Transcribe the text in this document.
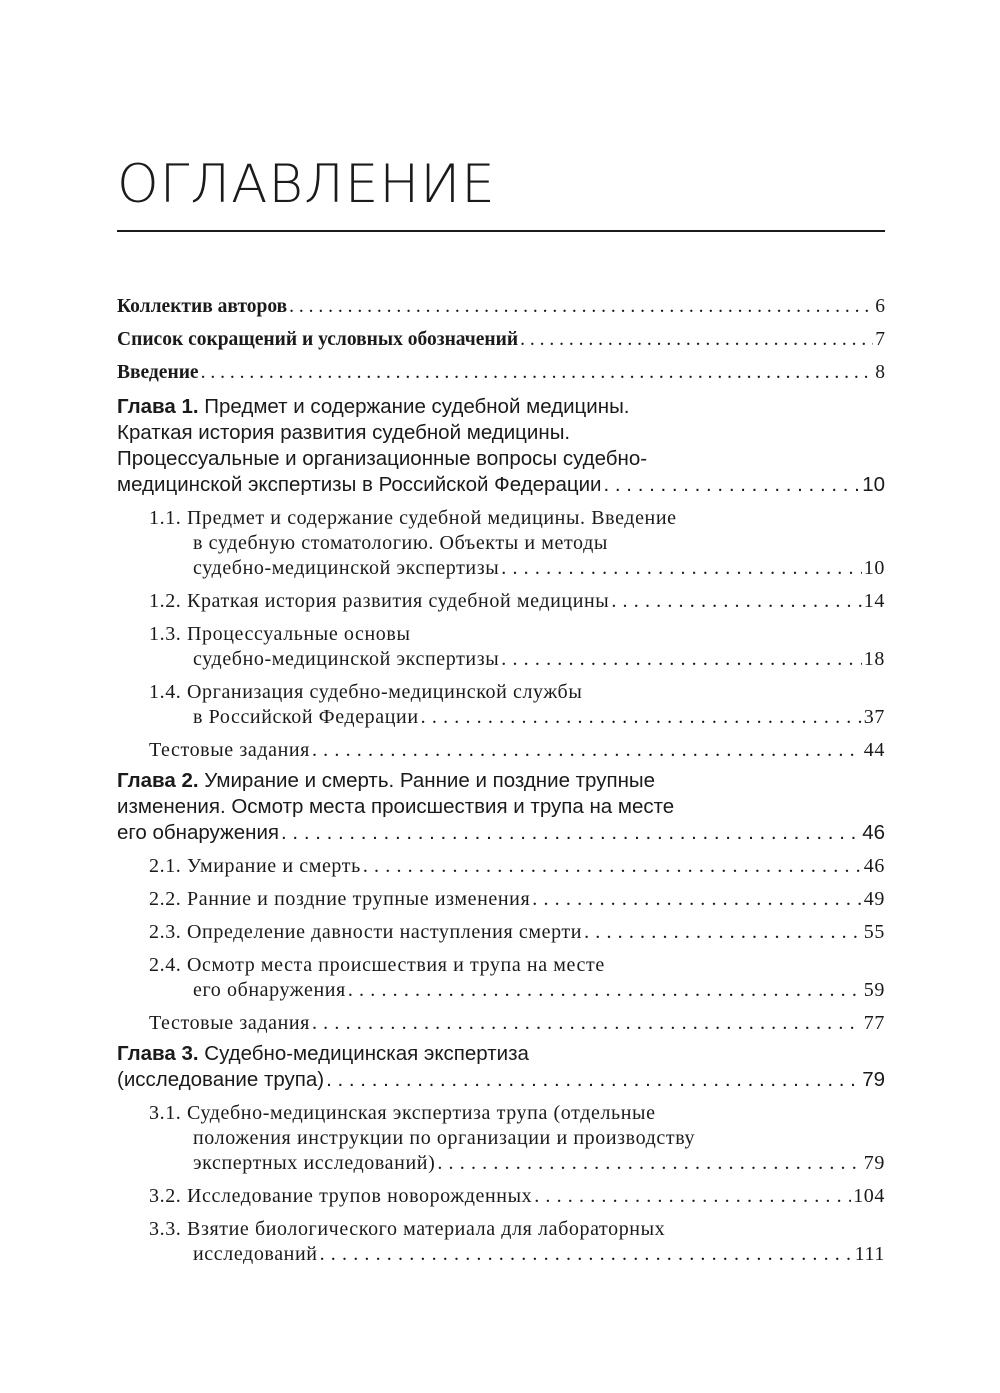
ОГЛАВЛЕНИЕ
Коллектив авторов . . .	6
Список сокращений и условных обозначений . . .	7
Введение . . .	8
Глава 1. Предмет и содержание судебной медицины.
Краткая история развития судебной медицины.
Процессуальные и организационные вопросы судебно-
медицинской экспертизы в Российской Федерации . . .	10
1.1. Предмет и содержание судебной медицины. Введение
в судебную стоматологию. Объекты и методы
судебно-медицинской экспертизы . . .	10
1.2. Краткая история развития судебной медицины . . .	14
1.3. Процессуальные основы
судебно-медицинской экспертизы . . .	18
1.4. Организация судебно-медицинской службы
в Российской Федерации . . .	37
Тестовые задания . . .	44
Глава 2. Умирание и смерть. Ранние и поздние трупные
изменения. Осмотр места происшествия и трупа на месте
его обнаружения . . .	46
2.1. Умирание и смерть . . .	46
2.2. Ранние и поздние трупные изменения . . .	49
2.3. Определение давности наступления смерти . . .	55
2.4. Осмотр места происшествия и трупа на месте
его обнаружения . . .	59
Тестовые задания . . .	77
Глава 3. Судебно-медицинская экспертиза
(исследование трупа) . . .	79
3.1. Судебно-медицинская экспертиза трупа (отдельные
положения инструкции по организации и производству
экспертных исследований) . . .	79
3.2. Исследование трупов новорожденных . . .	104
3.3. Взятие биологического материала для лабораторных
исследований . . .	111
